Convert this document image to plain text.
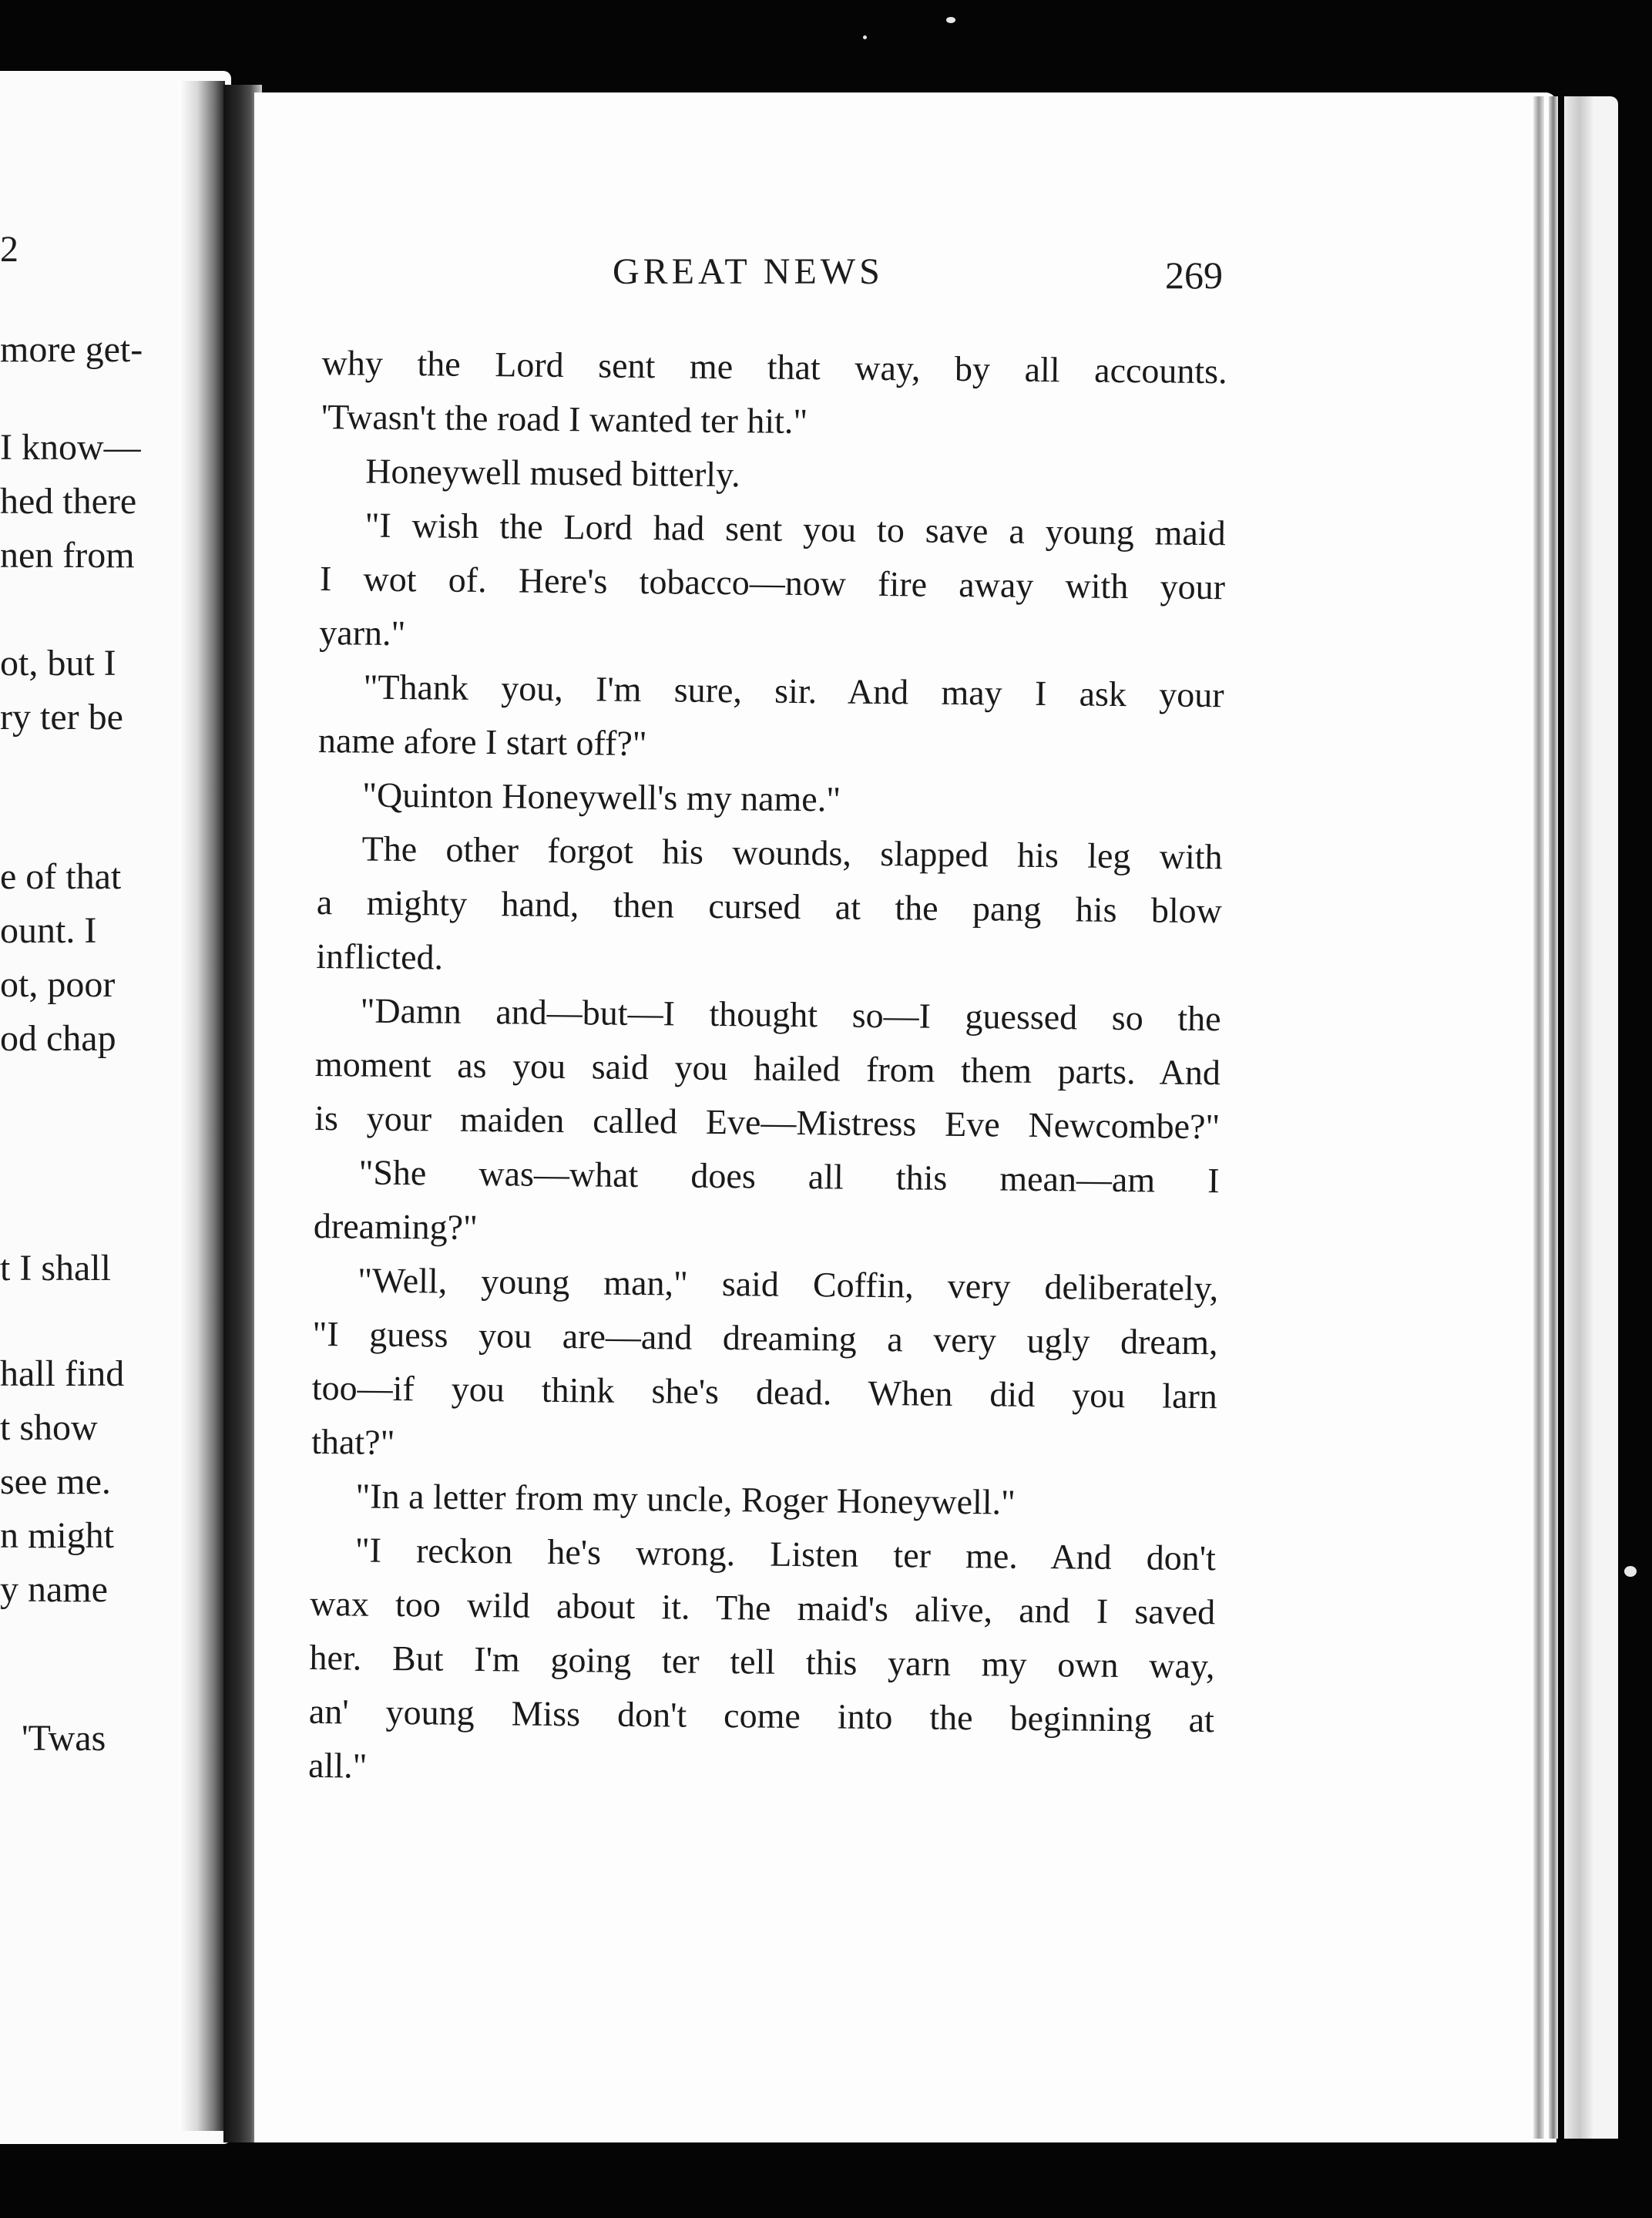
2
more get-
I know—
hed there
nen from
ot, but I
ry ter be
e of that
ount. I
ot, poor
od chap
t I shall
hall find
t show
see me.
n might
y name
'Twas
GREAT NEWS	269
why the Lord sent me that way, by all accounts.
'Twasn't the road I wanted ter hit."
Honeywell mused bitterly.
"I wish the Lord had sent you to save a young maid
I wot of. Here's tobacco—now fire away with your
yarn."
"Thank you, I'm sure, sir. And may I ask your
name afore I start off?"
"Quinton Honeywell's my name."
The other forgot his wounds, slapped his leg with
a mighty hand, then cursed at the pang his blow
inflicted.
"Damn and—but—I thought so—I guessed so the
moment as you said you hailed from them parts. And
is your maiden called Eve—Mistress Eve Newcombe?"
"She was—what does all this mean—am I
dreaming?"
"Well, young man," said Coffin, very deliberately,
"I guess you are—and dreaming a very ugly dream,
too—if you think she's dead. When did you larn
that?"
"In a letter from my uncle, Roger Honeywell."
"I reckon he's wrong. Listen ter me. And don't
wax too wild about it. The maid's alive, and I saved
her. But I'm going ter tell this yarn my own way,
an' young Miss don't come into the beginning at
all."
